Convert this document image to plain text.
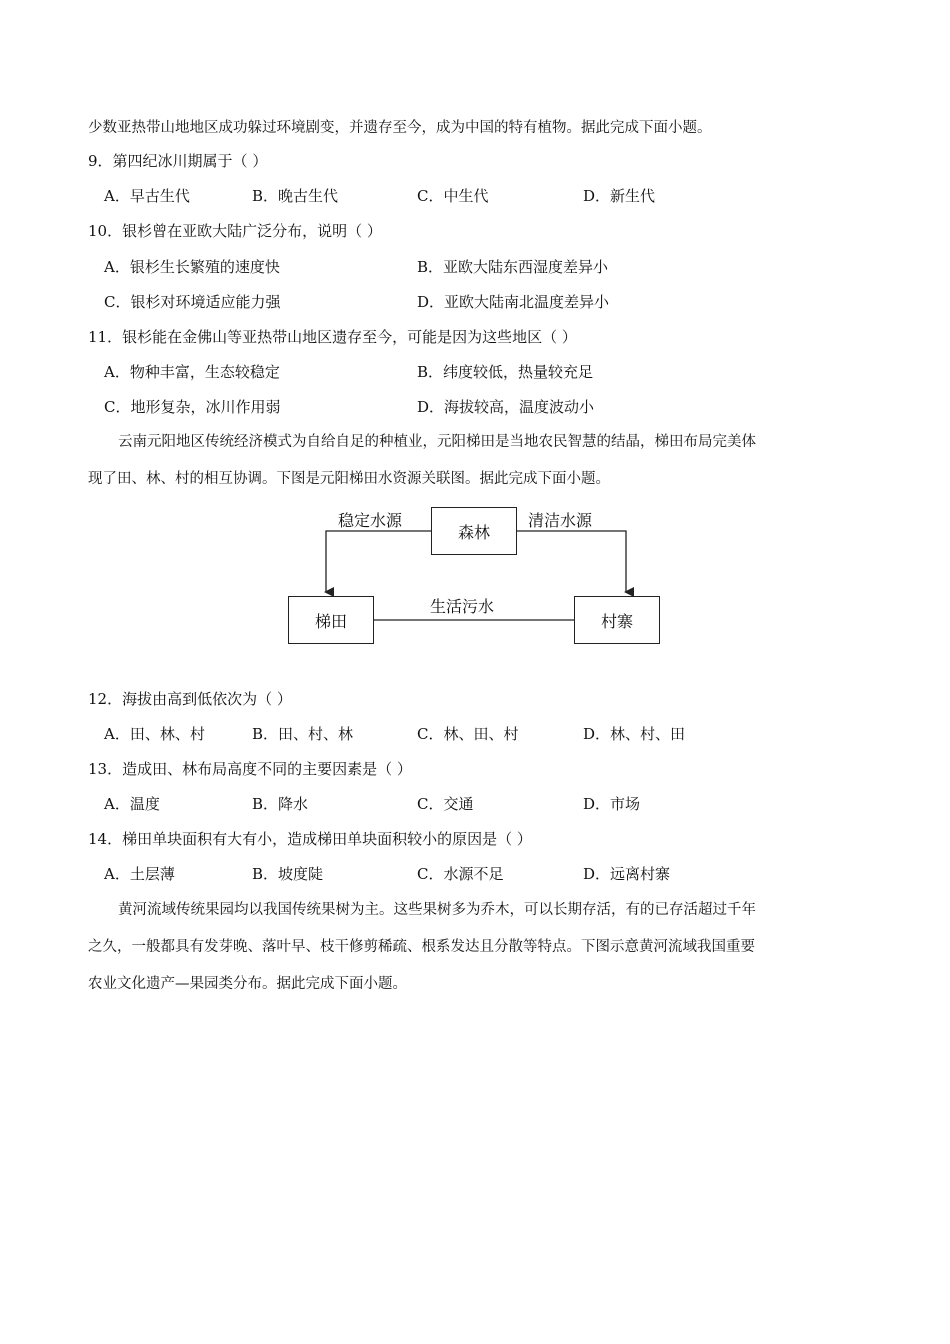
少数亚热带山地地区成功躲过环境剧变，并遗存至今，成为中国的特有植物。据此完成下面小题。
9．第四纪冰川期属于（ ）
A．早古生代	B．晚古生代	C．中生代	D．新生代
10．银杉曾在亚欧大陆广泛分布，说明（ ）
A．银杉生长繁殖的速度快	B．亚欧大陆东西湿度差异小
C．银杉对环境适应能力强	D．亚欧大陆南北温度差异小
11．银杉能在金佛山等亚热带山地区遗存至今，可能是因为这些地区（ ）
A．物种丰富，生态较稳定	B．纬度较低，热量较充足
C．地形复杂，冰川作用弱	D．海拔较高，温度波动小
云南元阳地区传统经济模式为自给自足的种植业，元阳梯田是当地农民智慧的结晶，梯田布局完美体
现了田、林、村的相互协调。下图是元阳梯田水资源关联图。据此完成下面小题。
森林
梯田	村寨
稳定水源	清洁水源
生活污水
12．海拔由高到低依次为（ ）
A．田、林、村	B．田、村、林	C．林、田、村	D．林、村、田
13．造成田、林布局高度不同的主要因素是（ ）
A．温度	B．降水	C．交通	D．市场
14．梯田单块面积有大有小，造成梯田单块面积较小的原因是（ ）
A．土层薄	B．坡度陡	C．水源不足	D．远离村寨
黄河流域传统果园均以我国传统果树为主。这些果树多为乔木，可以长期存活，有的已存活超过千年
之久，一般都具有发芽晚、落叶早、枝干修剪稀疏、根系发达且分散等特点。下图示意黄河流域我国重要
农业文化遗产—果园类分布。据此完成下面小题。
